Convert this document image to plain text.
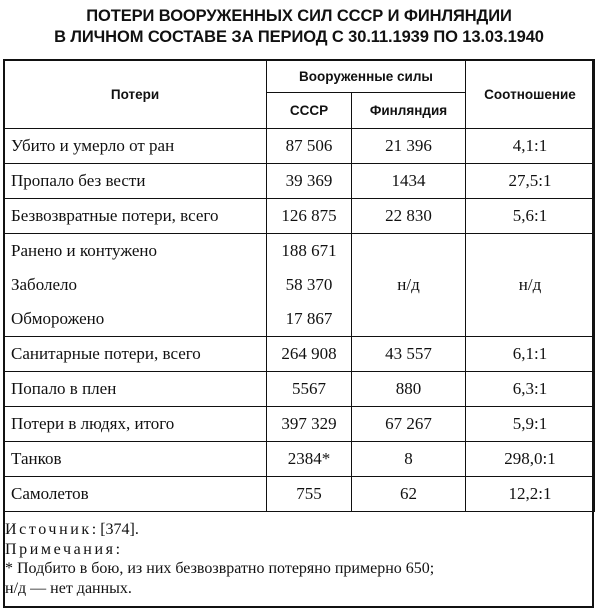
ПОТЕРИ ВООРУЖЕННЫХ СИЛ СССР И ФИНЛЯНДИИ
В ЛИЧНОМ СОСТАВЕ ЗА ПЕРИОД С 30.11.1939 ПО 13.03.1940
Потери	Вооруженные силы		Соотношение
	СССР	Финляндия	
Убито и умерло от ран	87 506	21 396	4,1:1
Пропало без вести	39 369	1434	27,5:1
Безвозвратные потери, всего	126 875	22 830	5,6:1
Ранено и контужено	188 671	н/д	н/д
Заболело	58 370		
Обморожено	17 867		
Санитарные потери, всего	264 908	43 557	6,1:1
Попало в плен	5567	880	6,3:1
Потери в людях, итого	397 329	67 267	5,9:1
Танков	2384*	8	298,0:1
Самолетов	755	62	12,2:1
Источник: [374].
Примечания:
* Подбито в бою, из них безвозвратно потеряно примерно 650;
н/д — нет данных.
